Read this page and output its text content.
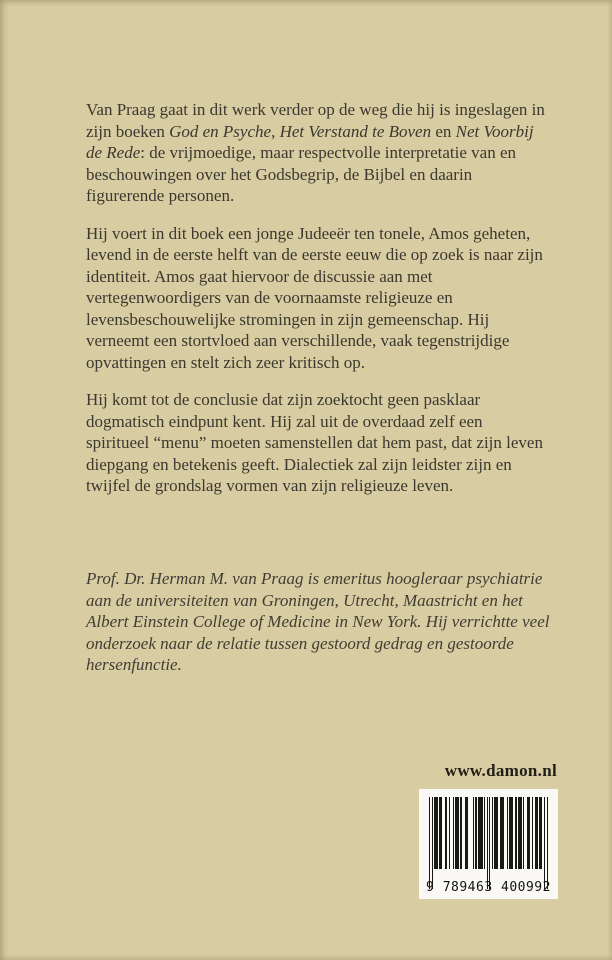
Van Praag gaat in dit werk verder op de weg die hij is ingeslagen in zijn boeken God en Psyche, Het Verstand te Boven en Net Voorbij de Rede: de vrijmoedige, maar respectvolle interpretatie van en beschouwingen over het Godsbegrip, de Bijbel en daarin figurerende personen.

Hij voert in dit boek een jonge Judeeër ten tonele, Amos geheten, levend in de eerste helft van de eerste eeuw die op zoek is naar zijn identiteit. Amos gaat hiervoor de discussie aan met vertegenwoordigers van de voornaamste religieuze en levensbeschouwelijke stromingen in zijn gemeenschap. Hij verneemt een stortvloed aan verschillende, vaak tegenstrijdige opvattingen en stelt zich zeer kritisch op.

Hij komt tot de conclusie dat zijn zoektocht geen pasklaar dogmatisch eindpunt kent. Hij zal uit de overdaad zelf een spiritueel “menu” moeten samenstellen dat hem past, dat zijn leven diepgang en betekenis geeft. Dialectiek zal zijn leidster zijn en twijfel de grondslag vormen van zijn religieuze leven.

Prof. Dr. Herman M. van Praag is emeritus hoogleraar psychiatrie aan de universiteiten van Groningen, Utrecht, Maastricht en het Albert Einstein College of Medicine in New York. Hij verrichtte veel onderzoek naar de relatie tussen gestoord gedrag en gestoorde hersenfunctie.
www.damon.nl
9 789463 400992
